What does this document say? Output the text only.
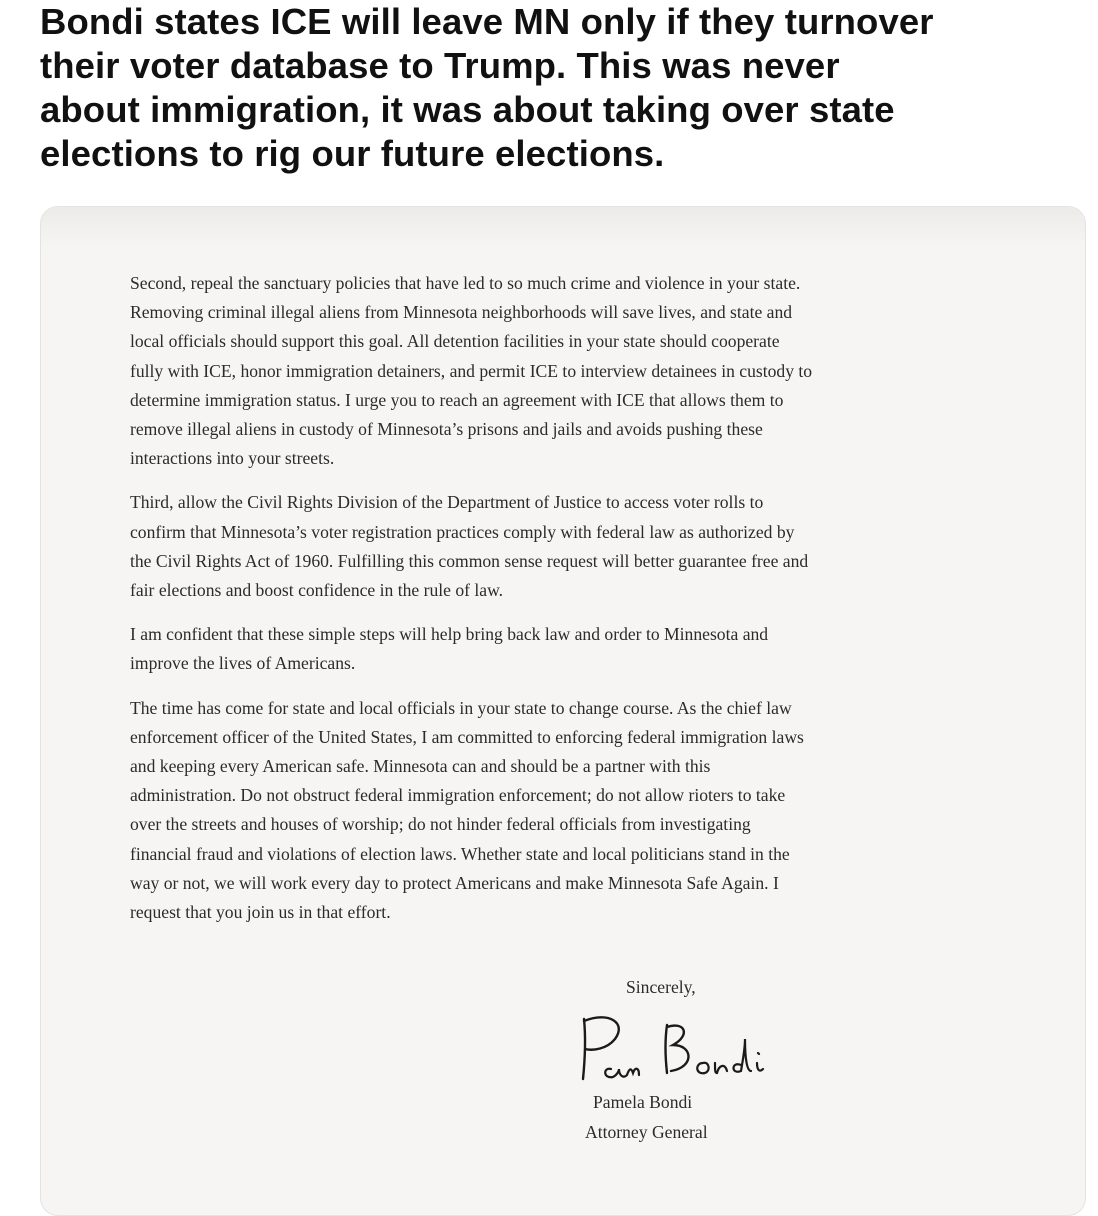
Bondi states ICE will leave MN only if they turnover
their voter database to Trump. This was never
about immigration, it was about taking over state
elections to rig our future elections.
Second, repeal the sanctuary policies that have led to so much crime and violence in your state.
Removing criminal illegal aliens from Minnesota neighborhoods will save lives, and state and
local officials should support this goal. All detention facilities in your state should cooperate
fully with ICE, honor immigration detainers, and permit ICE to interview detainees in custody to
determine immigration status. I urge you to reach an agreement with ICE that allows them to
remove illegal aliens in custody of Minnesota’s prisons and jails and avoids pushing these
interactions into your streets.
Third, allow the Civil Rights Division of the Department of Justice to access voter rolls to
confirm that Minnesota’s voter registration practices comply with federal law as authorized by
the Civil Rights Act of 1960. Fulfilling this common sense request will better guarantee free and
fair elections and boost confidence in the rule of law.
I am confident that these simple steps will help bring back law and order to Minnesota and
improve the lives of Americans.
The time has come for state and local officials in your state to change course. As the chief law
enforcement officer of the United States, I am committed to enforcing federal immigration laws
and keeping every American safe. Minnesota can and should be a partner with this
administration. Do not obstruct federal immigration enforcement; do not allow rioters to take
over the streets and houses of worship; do not hinder federal officials from investigating
financial fraud and violations of election laws. Whether state and local politicians stand in the
way or not, we will work every day to protect Americans and make Minnesota Safe Again. I
request that you join us in that effort.
Sincerely,
Pamela Bondi
Attorney General
